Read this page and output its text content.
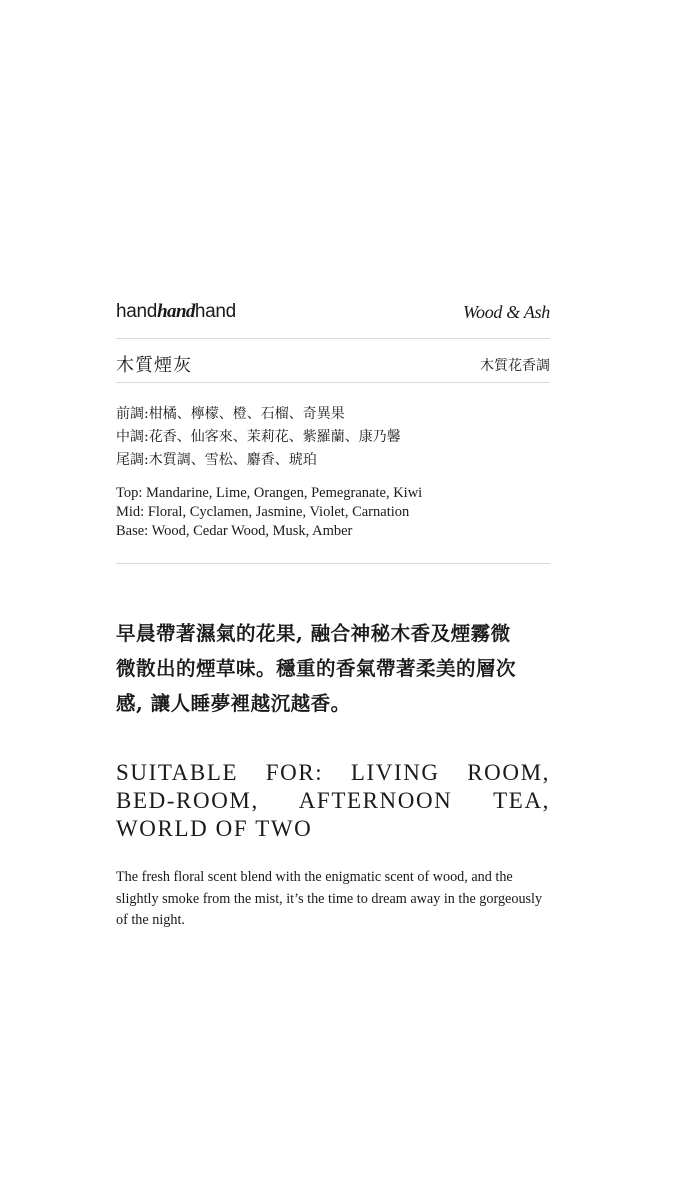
handhandhand	Wood & Ash
木質煙灰	木質花香調
前調:柑橘、檸檬、橙、石榴、奇異果
中調:花香、仙客來、茉莉花、紫羅蘭、康乃馨
尾調:木質調、雪松、麝香、琥珀
Top: Mandarine, Lime, Orangen, Pemegranate, Kiwi
Mid: Floral, Cyclamen, Jasmine, Violet, Carnation
Base: Wood, Cedar Wood, Musk, Amber
早晨帶著濕氣的花果, 融合神秘木香及煙霧微
微散出的煙草味。穩重的香氣帶著柔美的層次
感, 讓人睡夢裡越沉越香。
SUITABLE FOR: LIVING ROOM, BED-ROOM, AFTERNOON TEA, WORLD OF TWO
The fresh floral scent blend with the enigmatic scent of wood, and the
slightly smoke from the mist, it’s the time to dream away in the gorgeously
of the night.
